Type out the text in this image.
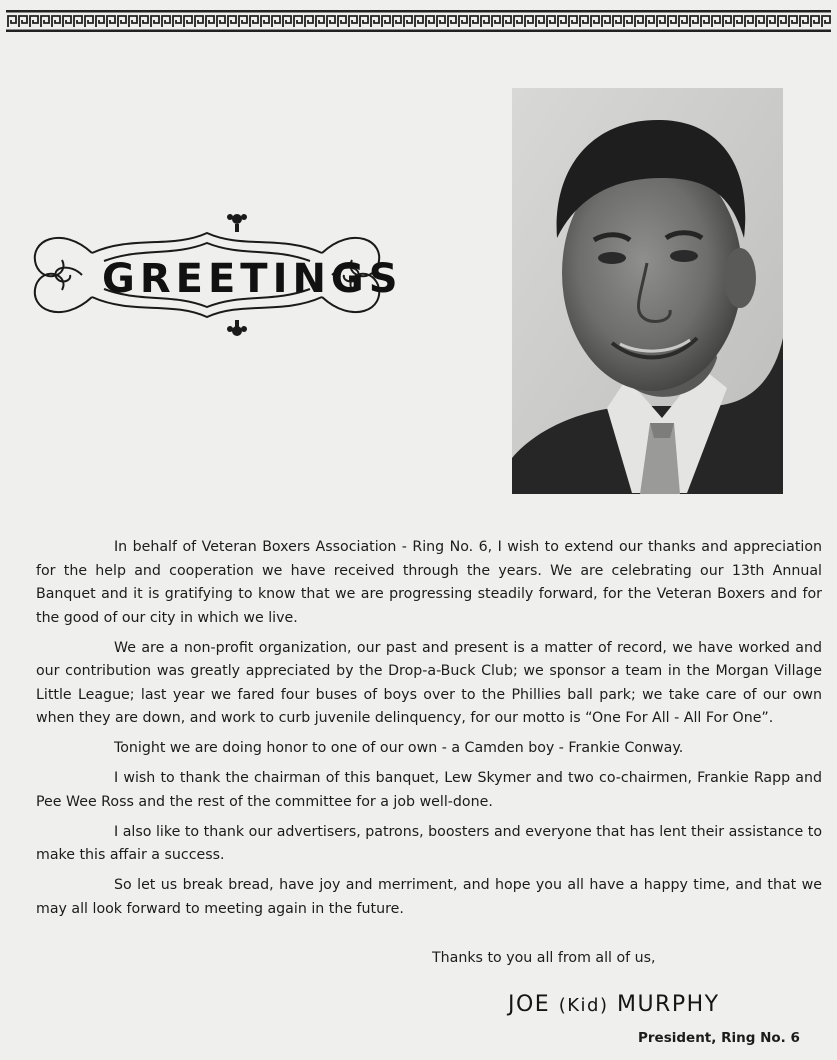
GREETINGS

In behalf of Veteran Boxers Association - Ring No. 6, I wish to extend our thanks and appreciation for the help and cooperation we have received through the years. We are celebrating our 13th Annual Banquet and it is gratifying to know that we are progressing steadily forward, for the Veteran Boxers and for the good of our city in which we live.

We are a non-profit organization, our past and present is a matter of record, we have worked and our contribution was greatly appreciated by the Drop-a-Buck Club; we sponsor a team in the Morgan Village Little League; last year we fared four buses of boys over to the Phillies ball park; we take care of our own when they are down, and work to curb juvenile delinquency, for our motto is “One For All - All For One”.

Tonight we are doing honor to one of our own - a Camden boy - Frankie Conway.

I wish to thank the chairman of this banquet, Lew Skymer and two co-chairmen, Frankie Rapp and Pee Wee Ross and the rest of the committee for a job well-done.

I also like to thank our advertisers, patrons, boosters and everyone that has lent their assistance to make this affair a success.

So let us break bread, have joy and merriment, and hope you all have a happy time, and that we may all look forward to meeting again in the future.

Thanks to you all from all of us,
JOE (Kid) MURPHY
President, Ring No. 6
